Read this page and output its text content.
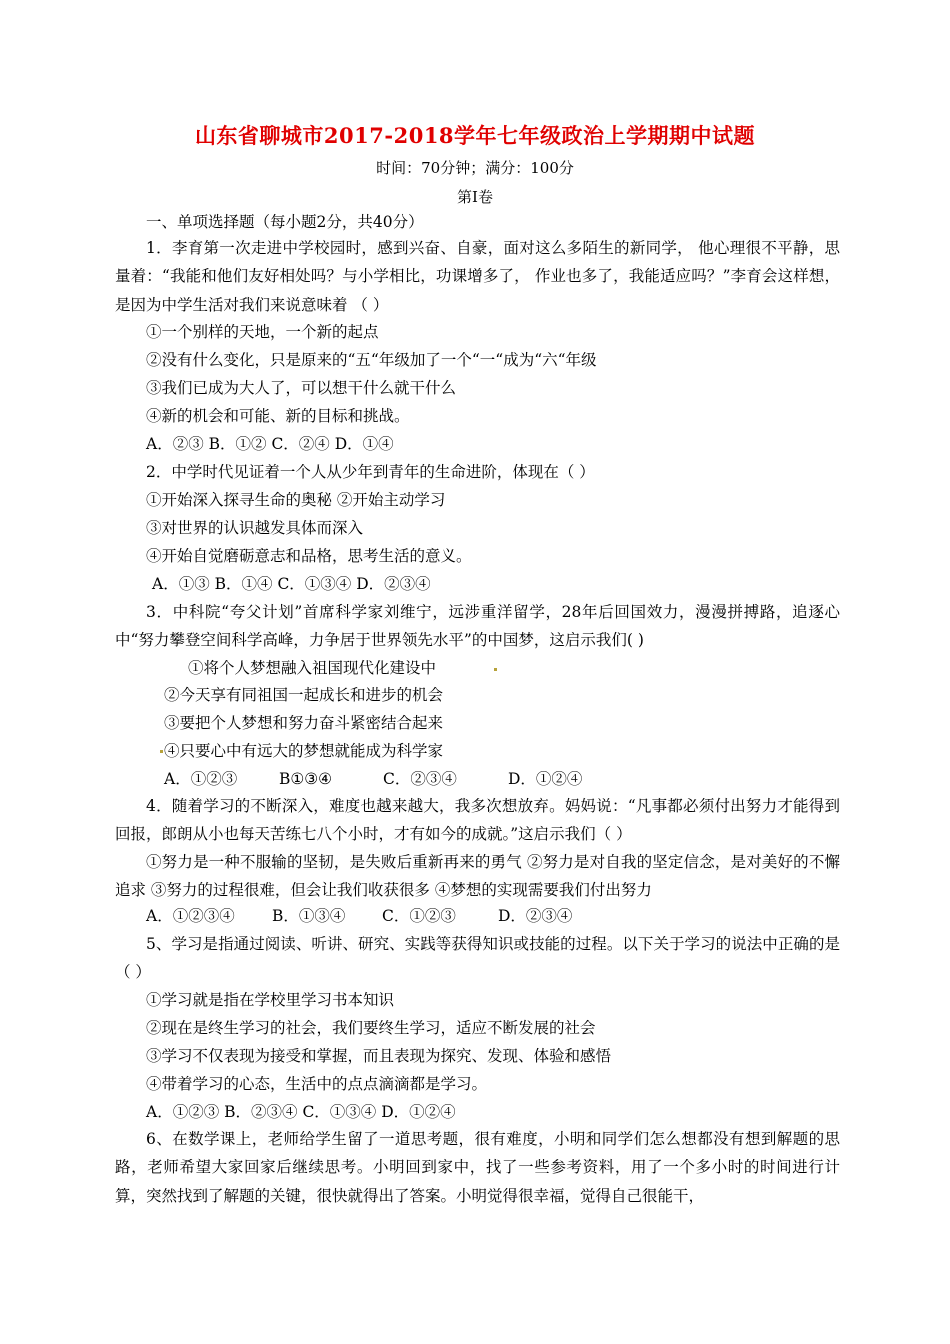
山东省聊城市2017-2018学年七年级政治上学期期中试题
时间：70分钟；满分：100分
第Ⅰ卷
一、单项选择题（每小题2分，共40分）
1．李育第一次走进中学校园时，感到兴奋、自豪，面对这么多陌生的新同学， 他心理很不平静，思量着：“我能和他们友好相处吗？与小学相比，功课增多了， 作业也多了，我能适应吗？”李育会这样想，是因为中学生活对我们来说意味着 （ ）
①一个别样的天地，一个新的起点
②没有什么变化，只是原来的“五“年级加了一个“一“成为“六“年级
③我们已成为大人了，可以想干什么就干什么
④新的机会和可能、新的目标和挑战。
A．②③ B．①② C．②④ D．①④
2．中学时代见证着一个人从少年到青年的生命进阶，体现在（ ）
①开始深入探寻生命的奥秘 ②开始主动学习
③对世界的认识越发具体而深入
④开始自觉磨砺意志和品格，思考生活的意义。
A．①③ B．①④ C．①③④ D．②③④
3．中科院“夸父计划”首席科学家刘维宁，远涉重洋留学，28年后回国效力，漫漫拼搏路，追逐心中“努力攀登空间科学高峰，力争居于世界领先水平”的中国梦，这启示我们( )
①将个人梦想融入祖国现代化建设中
②今天享有同祖国一起成长和进步的机会
③要把个人梦想和努力奋斗紧密结合起来
④只要心中有远大的梦想就能成为科学家
A．①②③	B①③④	C．②③④	D．①②④
4．随着学习的不断深入，难度也越来越大，我多次想放弃。妈妈说：“凡事都必须付出努力才能得到回报，郎朗从小也每天苦练七八个小时，才有如今的成就。”这启示我们（ ）
①努力是一种不服输的坚韧，是失败后重新再来的勇气 ②努力是对自我的坚定信念，是对美好的不懈追求 ③努力的过程很难，但会让我们收获很多 ④梦想的实现需要我们付出努力
A．①②③④ B．①③④ C．①②③	D．②③④
5、学习是指通过阅读、听讲、研究、实践等获得知识或技能的过程。以下关于学习的说法中正确的是（ ）
①学习就是指在学校里学习书本知识
②现在是终生学习的社会，我们要终生学习，适应不断发展的社会
③学习不仅表现为接受和掌握，而且表现为探究、发现、体验和感悟
④带着学习的心态，生活中的点点滴滴都是学习。
A．①②③ B．②③④ C．①③④ D．①②④
6、在数学课上，老师给学生留了一道思考题，很有难度，小明和同学们怎么想都没有想到解题的思路，老师希望大家回家后继续思考。小明回到家中，找了一些参考资料，用了一个多小时的时间进行计算，突然找到了解题的关键，很快就得出了答案。小明觉得很幸福，觉得自己很能干，
